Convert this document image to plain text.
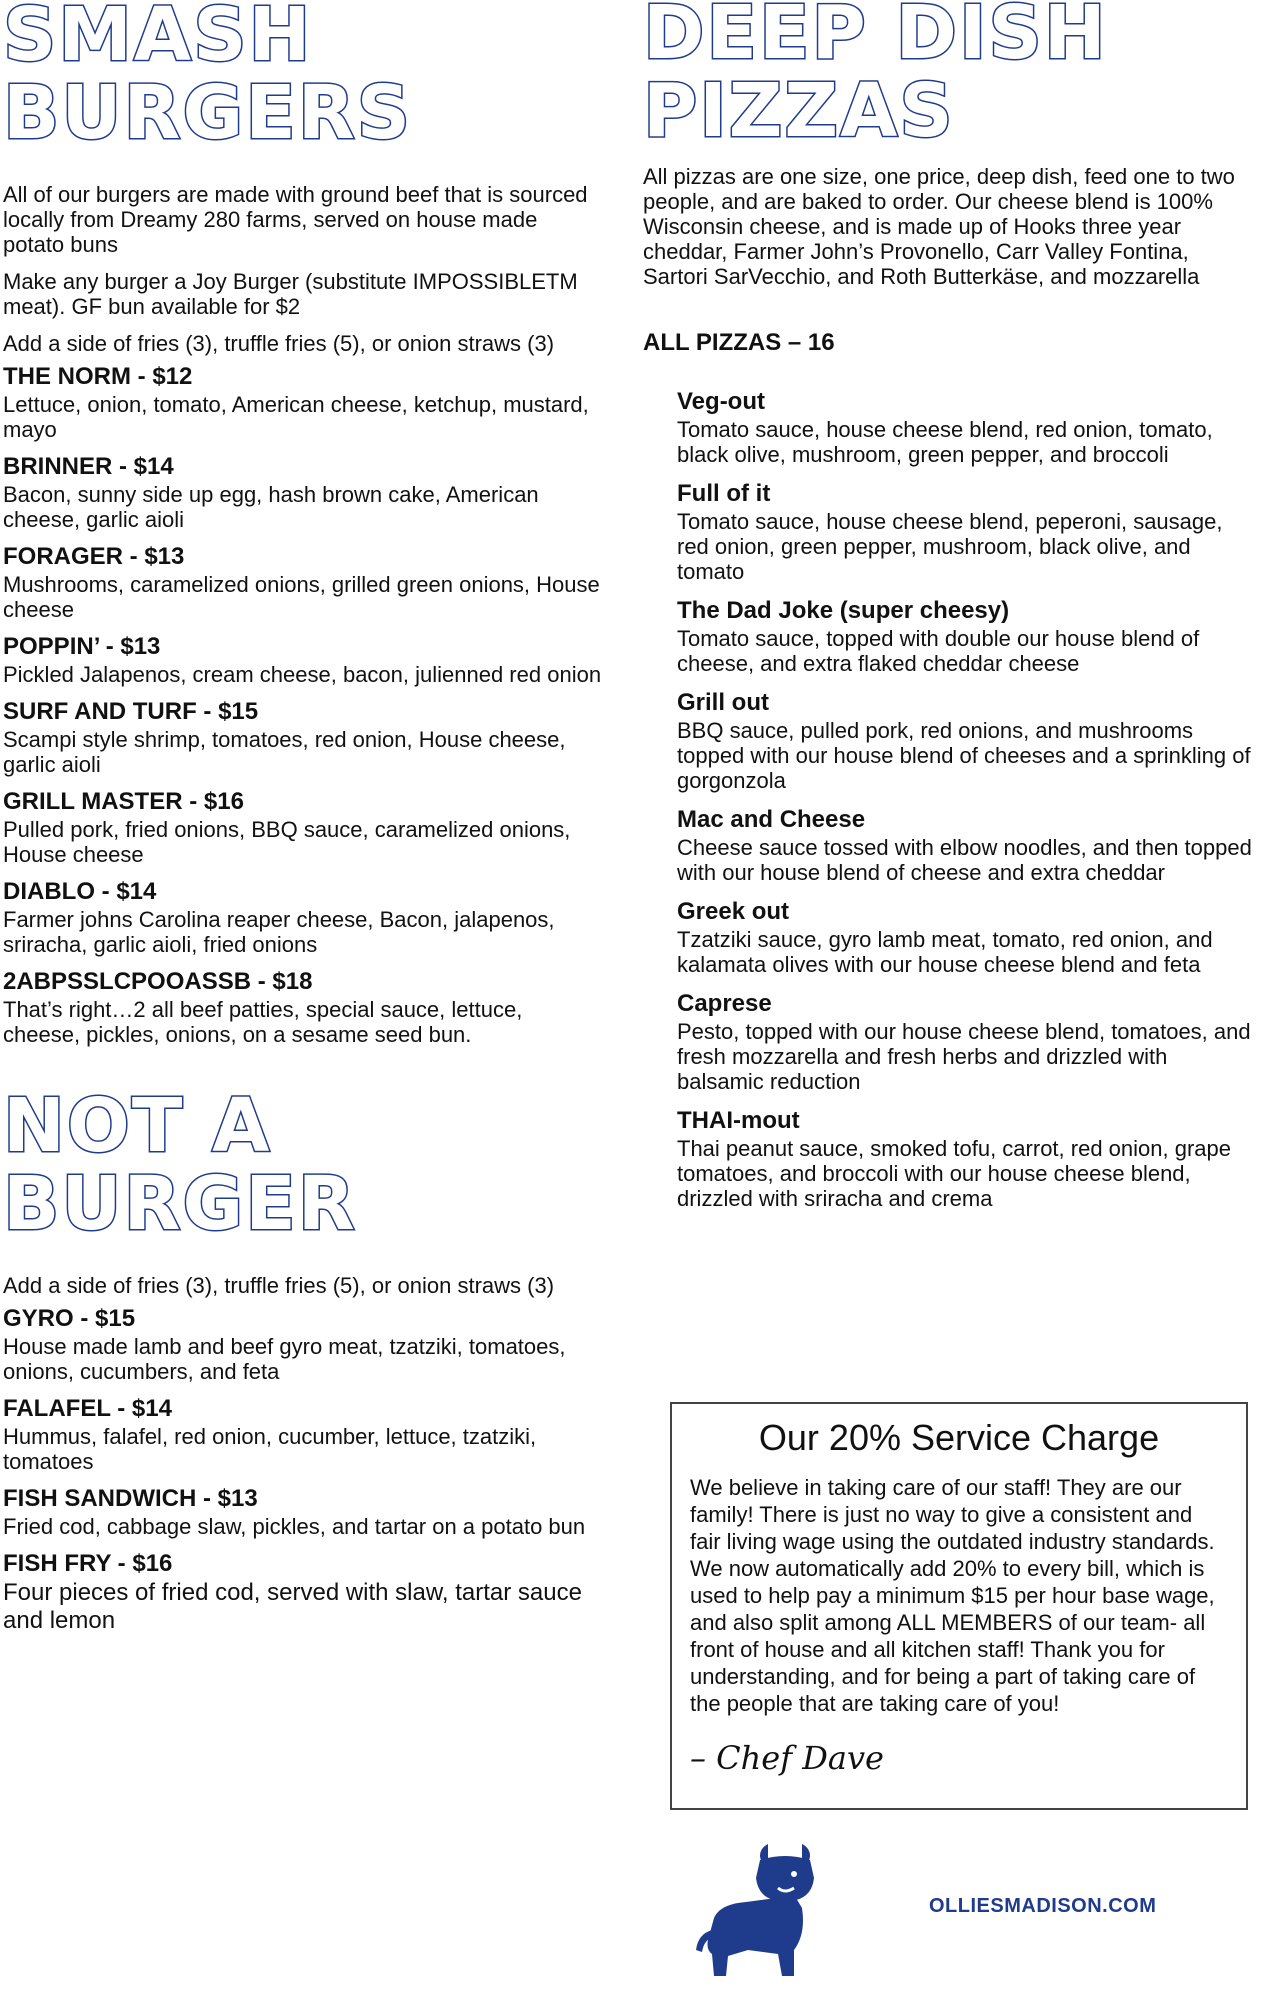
SMASH
BURGERS

All of our burgers are made with ground beef that is sourced locally from Dreamy 280 farms, served on house made potato buns

Make any burger a Joy Burger (substitute IMPOSSIBLETM meat). GF bun available for $2

Add a side of fries (3), truffle fries (5), or onion straws (3)

THE NORM - $12

Lettuce, onion, tomato, American cheese, ketchup, mustard, mayo

BRINNER - $14

Bacon, sunny side up egg, hash brown cake, American cheese, garlic aioli

FORAGER - $13

Mushrooms, caramelized onions, grilled green onions, House cheese

POPPIN’ - $13

Pickled Jalapenos, cream cheese, bacon, julienned red onion

SURF AND TURF - $15

Scampi style shrimp, tomatoes, red onion, House cheese, garlic aioli

GRILL MASTER - $16

Pulled pork, fried onions, BBQ sauce, caramelized onions, House cheese

DIABLO - $14

Farmer johns Carolina reaper cheese, Bacon, jalapenos, sriracha, garlic aioli, fried onions

2ABPSSLCPOOASSB - $18

That’s right…2 all beef patties, special sauce, lettuce, cheese, pickles, onions, on a sesame seed bun.

NOT A
BURGER

Add a side of fries (3), truffle fries (5), or onion straws (3)

GYRO - $15

House made lamb and beef gyro meat, tzatziki, tomatoes, onions, cucumbers, and feta

FALAFEL - $14

Hummus, falafel, red onion, cucumber, lettuce, tzatziki, tomatoes

FISH SANDWICH - $13

Fried cod, cabbage slaw, pickles, and tartar on a potato bun

FISH FRY - $16

Four pieces of fried cod, served with slaw, tartar sauce and lemon

DEEP DISH
PIZZAS

All pizzas are one size, one price, deep dish, feed one to two people, and are baked to order. Our cheese blend is 100% Wisconsin cheese, and is made up of Hooks three year cheddar, Farmer John’s Provonello, Carr Valley Fontina, Sartori SarVecchio, and Roth Butterkäse, and mozzarella

ALL PIZZAS – 16

Veg-out

Tomato sauce, house cheese blend, red onion, tomato, black olive, mushroom, green pepper, and broccoli

Full of it

Tomato sauce, house cheese blend, peperoni, sausage, red onion, green pepper, mushroom, black olive, and tomato

The Dad Joke (super cheesy)

Tomato sauce, topped with double our house blend of cheese, and extra flaked cheddar cheese

Grill out

BBQ sauce, pulled pork, red onions, and mushrooms topped with our house blend of cheeses and a sprinkling of gorgonzola

Mac and Cheese

Cheese sauce tossed with elbow noodles, and then topped with our house blend of cheese and extra cheddar

Greek out

Tzatziki sauce, gyro lamb meat, tomato, red onion, and kalamata olives with our house cheese blend and feta

Caprese

Pesto, topped with our house cheese blend, tomatoes, and fresh mozzarella and fresh herbs and drizzled with balsamic reduction

THAI-mout

Thai peanut sauce, smoked tofu, carrot, red onion, grape tomatoes, and broccoli with our house cheese blend, drizzled with sriracha and crema

Our 20% Service Charge

We believe in taking care of our staff! They are our family! There is just no way to give a consistent and fair living wage using the outdated industry standards. We now automatically add 20% to every bill, which is used to help pay a minimum $15 per hour base wage, and also split among ALL MEMBERS of our team- all front of house and all kitchen staff! Thank you for understanding, and for being a part of taking care of the people that are taking care of you!

– Chef Dave
OLLIESMADISON.COM
